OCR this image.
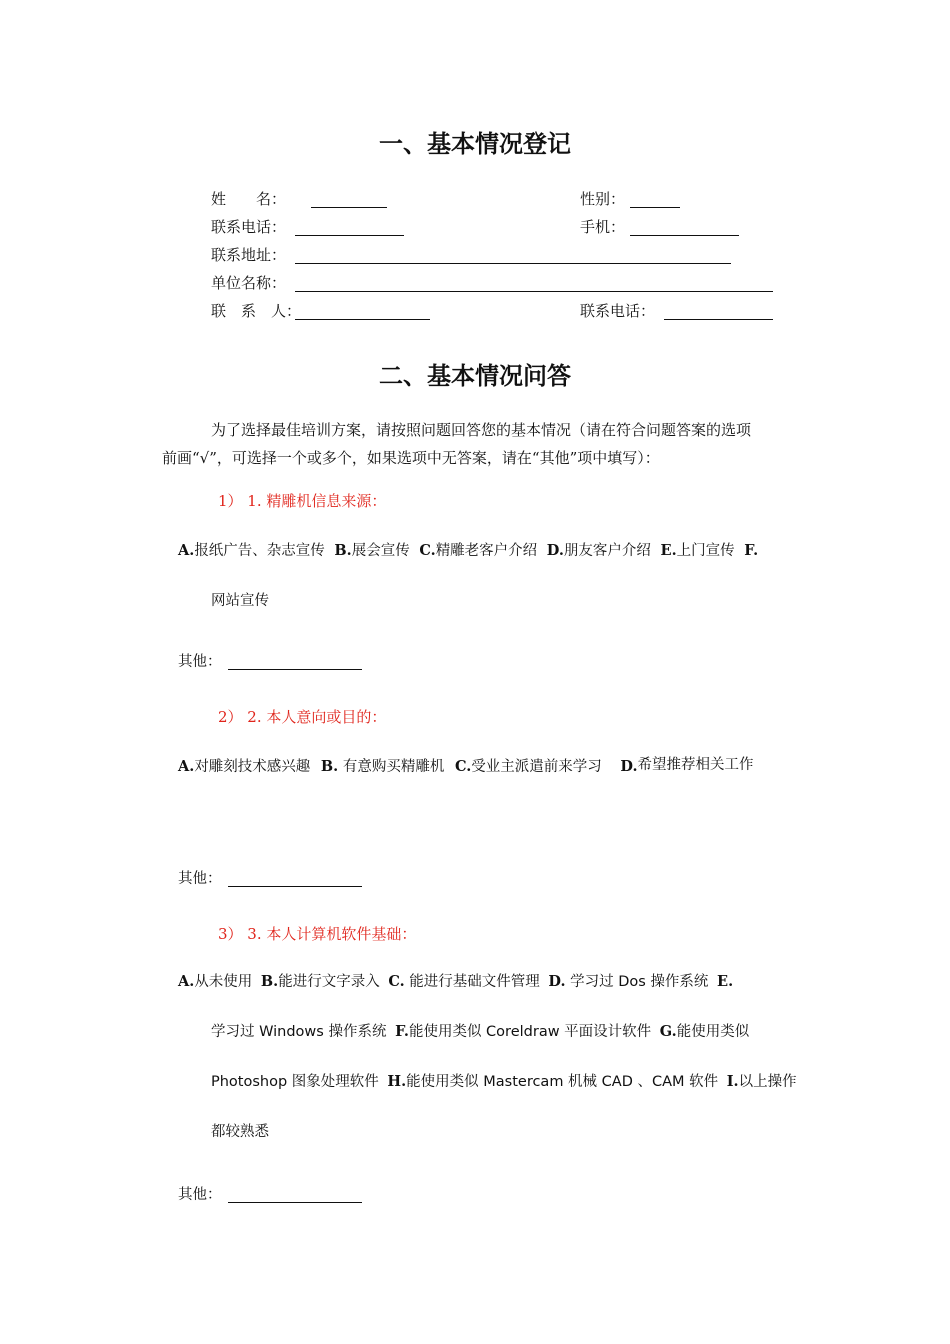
一、基本情况登记
姓　　名：	性别：
联系电话：	手机：
联系地址：
单位名称：
联　系　人：	联系电话：
二、基本情况问答
为了选择最佳培训方案，请按照问题回答您的基本情况（请在符合问题答案的选项
前画“√”，可选择一个或多个，如果选项中无答案，请在“其他”项中填写）：
1） 1. 精雕机信息来源：
A.报纸广告、杂志宣传 B.展会宣传 C.精雕老客户介绍 D.朋友客户介绍 E.上门宣传 F.
网站宣传
其他：
2） 2. 本人意向或目的：
A.对雕刻技术感兴趣 B. 有意购买精雕机 C.受业主派遣前来学习 D.希望推荐相关工作
其他：
3） 3. 本人计算机软件基础：
A.从未使用 B.能进行文字录入 C. 能进行基础文件管理 D. 学习过 Dos 操作系统 E.
学习过 Windows 操作系统 F.能使用类似 Coreldraw 平面设计软件 G.能使用类似 Photoshop 图象处理软件 H.能使用类似 Mastercam 机械 CAD 、CAM 软件 I.以上操作都较熟悉
其他：
